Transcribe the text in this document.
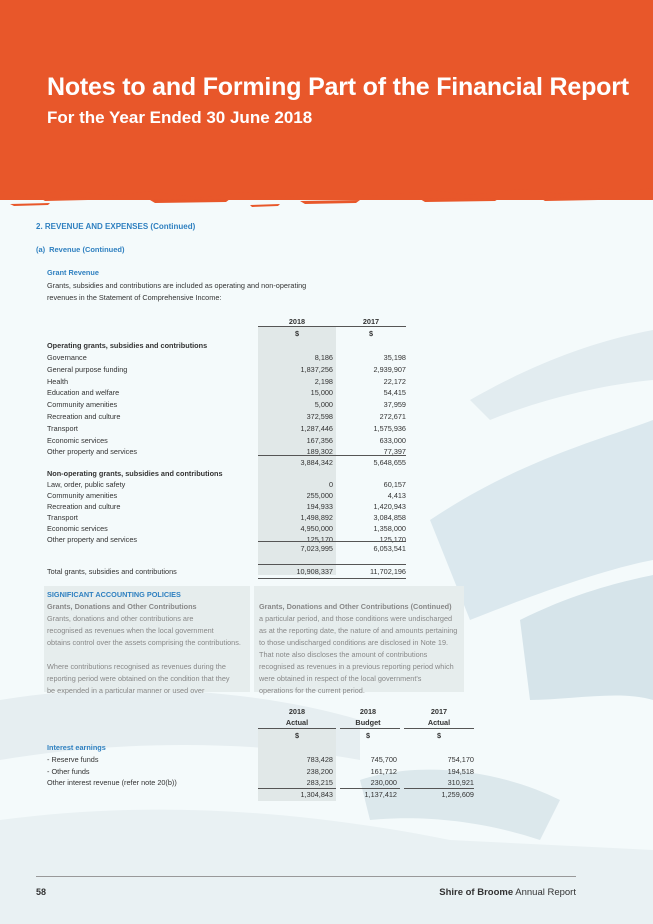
Notes to and Forming Part of the Financial Report
For the Year Ended 30 June 2018
2. REVENUE AND EXPENSES (Continued)
(a) Revenue (Continued)
Grant Revenue
Grants, subsidies and contributions are included as operating and non-operating revenues in the Statement of Comprehensive Income:
2018	2017
$	$
Operating grants, subsidies and contributions
Governance	8,186	35,198
General purpose funding	1,837,256	2,939,907
Health	2,198	22,172
Education and welfare	15,000	54,415
Community amenities	5,000	37,959
Recreation and culture	372,598	272,671
Transport	1,287,446	1,575,936
Economic services	167,356	633,000
Other property and services	189,302	77,397
3,884,342	5,648,655
Non-operating grants, subsidies and contributions
Law, order, public safety	0	60,157
Community amenities	255,000	4,413
Recreation and culture	194,933	1,420,943
Transport	1,498,892	3,084,858
Economic services	4,950,000	1,358,000
Other property and services	125,170	125,170
7,023,995	6,053,541
Total grants, subsidies and contributions	10,908,337	11,702,196
SIGNIFICANT ACCOUNTING POLICIES
Grants, Donations and Other Contributions
Grants, donations and other contributions are
recognised as revenues when the local government
obtains control over the assets comprising the contributions.
Where contributions recognised as revenues during the
reporting period were obtained on the condition that they
be expended in a particular manner or used over
Grants, Donations and Other Contributions (Continued)
a particular period, and those conditions were undischarged
as at the reporting date, the nature of and amounts pertaining
to those undischarged conditions are disclosed in Note 19.
That note also discloses the amount of contributions
recognised as revenues in a previous reporting period which
were obtained in respect of the local government's
operations for the current period.
2018	2018	2017
Actual	Budget	Actual
$	$	$
Interest earnings
- Reserve funds	783,428	745,700	754,170
- Other funds	238,200	161,712	194,518
Other interest revenue (refer note 20(b))	283,215	230,000	310,921
1,304,843	1,137,412	1,259,609
58	Shire of Broome Annual Report
